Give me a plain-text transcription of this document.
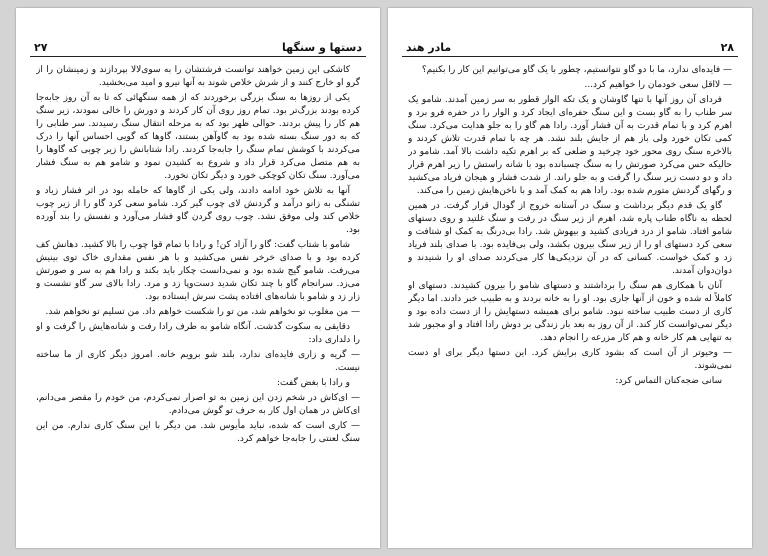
۲۷	دستها و سنگها

کاشکی این زمین خواهند توانست فرشتشان را به سوی‌لالا بپردازند و زمینشان را از گرو او خارج کنند و از شرش خلاص شوند به آنها نیرو و امید می‌بخشید.

یکی از روزها به سنگ بزرگی برخوردند که از همه سنگهائی که تا به آن روز جابه‌جا کرده بودند بزرگ‌تر بود. تمام روز روی آن کار کردند و دورش را خالی نمودند، زیر سنگ هم کار را پیش بردند. حوالی ظهر بود که به مرحله انتقال سنگ رسیدند. سر طنابی را که به دور سنگ بسته شده بود به گاوآهن بستند، گاوها که گویی احساس آنها را درک می‌کردند با کوشش تمام سنگ را جابه‌جا کردند. رادا شتابانش را زیر چوبی که گاوها را به هم متصل می‌کرد قرار داد و شروع به کشیدن نمود و شامو هم به سنگ فشار می‌آورد. سنگ تکان کوچکی خورد و دیگر تکان نخورد.

آنها به تلاش خود ادامه دادند، ولی یکی از گاوها که حامله بود در اثر فشار زیاد و تشنگی به زانو درآمد و گردنش لای چوب گیر کرد. شامو سعی کرد گاو را از زیر چوب خلاص کند ولی موفق نشد. چوب روی گردن گاو فشار می‌آورد و نفسش را بند آورده بود.

شامو با شتاب گفت: گاو را آزاد کن! و رادا با تمام قوا چوب را بالا کشید. دهانش کف کرده بود و با صدای خرخر نفس می‌کشید و با هر نفس مقداری خاک توی بینیش می‌رفت. شامو گیج شده بود و نمی‌دانست چکار باید بکند و رادا هم به سر و صورتش می‌زد. سرانجام گاو با چند تکان شدید دست‌وپا زد و مرد. رادا بالای سر گاو نشست و زار زد و شامو با شانه‌های افتاده پشت سرش ایستاده بود.

— من مغلوب تو نخواهم شد، من تو را شکست خواهم داد. من تسلیم تو نخواهم شد.

دقایقی به سکوت گذشت. آنگاه شامو به طرف رادا رفت و شانه‌هایش را گرفت و او را دلداری داد:

— گریه و زاری فایده‌ای ندارد، بلند شو برویم خانه. امروز دیگر کاری از ما ساخته نیست.

و رادا با بغض گفت:

— ای‌کاش در شخم زدن این زمین به تو اصرار نمی‌کردم، من خودم را مقصر می‌دانم، ای‌کاش در همان اول کار به حرف تو گوش می‌دادم.

— کاری است که شده، نباید مأیوس شد. من دیگر با این سنگ کاری ندارم. من این سنگ لعنتی را جابه‌جا خواهم کرد.

۲۸
مادر هند

— فایده‌ای ندارد، ما با دو گاو نتوانستیم، چطور با یک گاو می‌توانیم این کار را بکنیم؟

— لااقل سعی خودمان را خواهیم کرد...

فردای آن روز آنها با تنها گاوشان و یک تکه الوار قطور به سر زمین آمدند. شامو یک سر طناب را به گاو بست و این سنگ حفره‌ای ایجاد کرد و الوار را در حفره فرو برد و اهرم کرد و با تمام قدرت به آن فشار آورد. رادا هم گاو را به جلو هدایت می‌کرد. سنگ کمی تکان خورد ولی باز هم از جایش بلند نشد. هر چه با تمام قدرت تلاش کردند و بالاخره سنگ روی محور خود چرخید و ضلعی که بر اهرم تکیه داشت بالا آمد. شامو در حالیکه حس می‌کرد صورتش را به سنگ چسبانده بود با شانه راستش را زیر اهرم قرار داد و دو دست زیر سنگ را گرفت و به جلو راند. از شدت فشار و هیجان فریاد می‌کشید و رگهای گردنش متورم شده بود. رادا هم به کمک آمد و با ناخن‌هایش زمین را می‌کند.

گاو یک قدم دیگر برداشت و سنگ در آستانه خروج از گودال قرار گرفت. در همین لحظه به ناگاه طناب پاره شد، اهرم از زیر سنگ در رفت و سنگ غلتید و روی دستهای شامو افتاد. شامو از درد فریادی کشید و بیهوش شد. رادا بی‌درنگ به کمک او شتافت و سعی کرد دستهای او را از زیر سنگ بیرون بکشد، ولی بی‌فایده بود. با صدای بلند فریاد زد و کمک خواست. کسانی که در آن نزدیکی‌ها کار می‌کردند صدای او را شنیدند و دوان‌دوان آمدند.

آنان با همکاری هم سنگ را برداشتند و دستهای شامو را بیرون کشیدند. دستهای او کاملاً له شده و خون از آنها جاری بود. او را به خانه بردند و به طبیب خبر دادند. اما دیگر کاری از دست طبیب ساخته نبود. شامو برای همیشه دستهایش را از دست داده بود و دیگر نمی‌توانست کار کند. از آن روز به بعد بار زندگی بر دوش رادا افتاد و او مجبور شد به تنهایی هم کار خانه و هم کار مزرعه را انجام دهد.

— وحیوتر از آن است که بشود کاری برایش کرد. این دستها دیگر برای او دست نمی‌شوند.

سانی ضجه‌کنان التماس کرد:
